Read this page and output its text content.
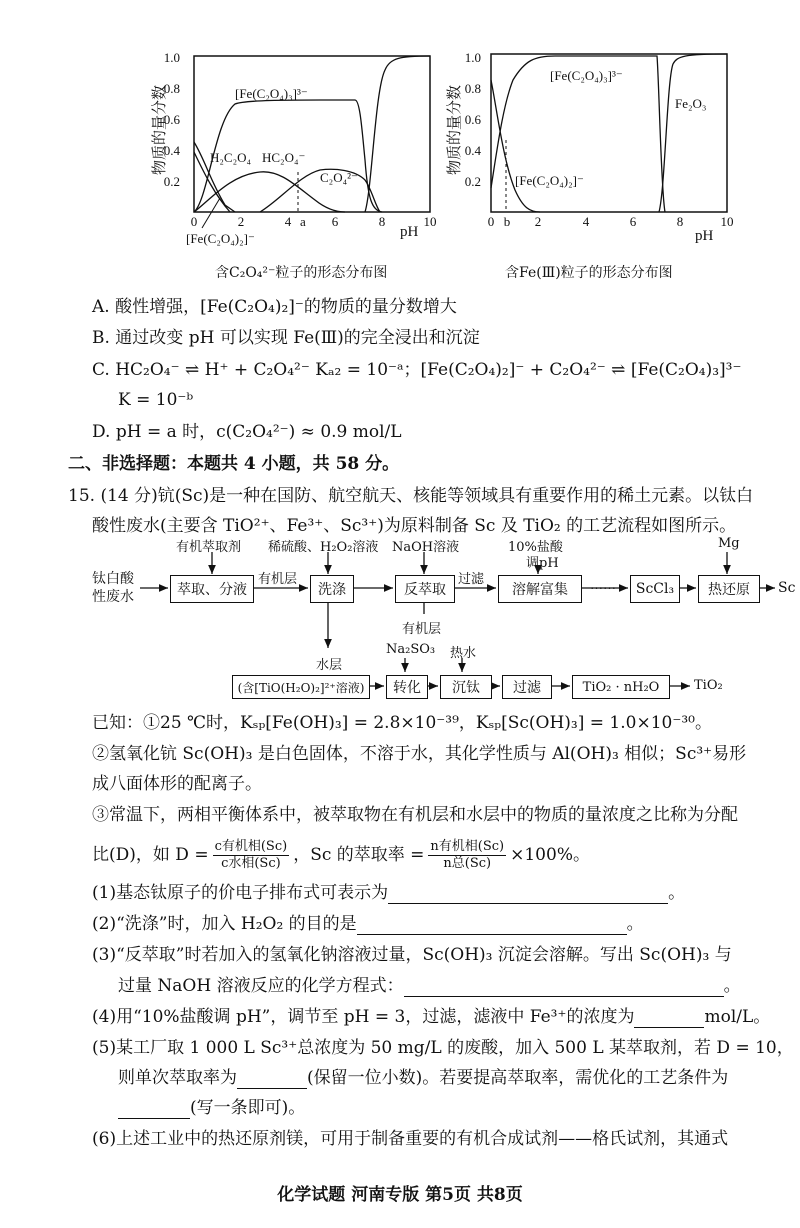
物质的量分数
0.2
0.4
0.6
0.8
1.0
[Fe(C₂O₄)₃]³⁻
H₂C₂O₄ HC₂O₄⁻
C₂O₄²⁻
[Fe(C₂O₄)₂]⁻
0	2	4 a 6	8	10
pH
含C₂O₄²⁻粒子的形态分布图
物质的量分数
0.2
0.4
0.6
0.8
1.0
[Fe(C₂O₄)₃]³⁻
[Fe(C₂O₄)₂]⁻
Fe₂O₃
0 b 2	4	6	8	10
pH
含Fe(Ⅲ)粒子的形态分布图
A. 酸性增强，[Fe(C₂O₄)₂]⁻的物质的量分数增大
B. 通过改变 pH 可以实现 Fe(Ⅲ)的完全浸出和沉淀
C. HC₂O₄⁻ ⇌ H⁺ + C₂O₄²⁻ Kₐ₂ = 10⁻ᵃ；[Fe(C₂O₄)₂]⁻ + C₂O₄²⁻ ⇌ [Fe(C₂O₄)₃]³⁻
K = 10⁻ᵇ
D. pH = a 时，c(C₂O₄²⁻) ≈ 0.9 mol/L
二、非选择题：本题共 4 小题，共 58 分。
15. (14 分)钪(Sc)是一种在国防、航空航天、核能等领域具有重要作用的稀土元素。以钛白
酸性废水(主要含 TiO²⁺、Fe³⁺、Sc³⁺)为原料制备 Sc 及 TiO₂ 的工艺流程如图所示。
钛白酸性废水
有机萃取剂 稀硫酸、H₂O₂溶液 NaOH溶液	10%盐酸
调pH
Mg
萃取、分液
有机层
洗涤	反萃取
过滤
溶解富集	……	ScCl₃	热还原	Sc
有机层
水层
(含[TiO(H₂O)₂]²⁺溶液)
Na₂SO₃ 热水
转化	沉钛	过滤	TiO₂ · nH₂O	TiO₂
已知：①25 ℃时，Kₛₚ[Fe(OH)₃] = 2.8×10⁻³⁹，Kₛₚ[Sc(OH)₃] = 1.0×10⁻³⁰。
②氢氧化钪 Sc(OH)₃ 是白色固体，不溶于水，其化学性质与 Al(OH)₃ 相似；Sc³⁺易形
成八面体形的配离子。
③常温下，两相平衡体系中，被萃取物在有机层和水层中的物质的量浓度之比称为分配
比(D)，如 $D = \frac{\text{c有机相(Sc)}}{\text{c水相(Sc)}}$ ，Sc 的萃取率 = $\frac{\text{n有机相(Sc)}}{\text{n总(Sc)}} \times 100\%$。
(1)基态钛原子的价电子排布式可表示为	。
(2)“洗涤”时，加入 H₂O₂ 的目的是	。
(3)“反萃取”时若加入的氢氧化钠溶液过量，Sc(OH)₃ 沉淀会溶解。写出 Sc(OH)₃ 与
过量 NaOH 溶液反应的化学方程式：	。
(4)用“10%盐酸调 pH”，调节至 pH = 3，过滤，滤液中 Fe³⁺的浓度为	mol/L。
(5)某工厂取 1 000 L Sc³⁺总浓度为 50 mg/L 的废酸，加入 500 L 某萃取剂，若 D = 10，
则单次萃取率为	(保留一位小数)。若要提高萃取率，需优化的工艺条件为
(写一条即可)。
(6)上述工业中的热还原剂镁，可用于制备重要的有机合成试剂——格氏试剂，其通式
化学试题 河南专版 第5页 共8页
